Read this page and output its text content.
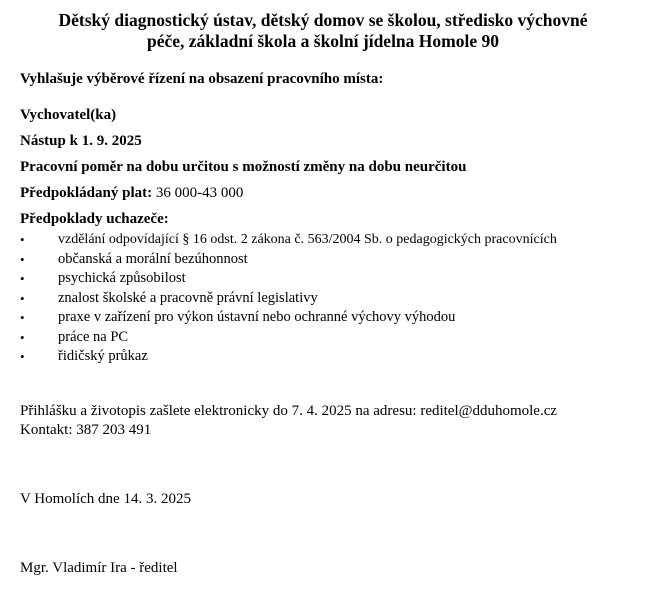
Dětský diagnostický ústav, dětský domov se školou, středisko výchovné
péče, základní škola a školní jídelna Homole 90
Vyhlašuje výběrové řízení na obsazení pracovního místa:
Vychovatel(ka)
Nástup k 1. 9. 2025
Pracovní poměr na dobu určitou s možností změny na dobu neurčitou
Předpokládaný plat: 36 000-43 000
Předpoklady uchazeče:
• vzdělání odpovídající § 16 odst. 2 zákona č. 563/2004 Sb. o pedagogických pracovnících
• občanská a morální bezúhonnost
• psychická způsobilost
• znalost školské a pracovně právní legislativy
• praxe v zařízení pro výkon ústavní nebo ochranné výchovy výhodou
• práce na PC
• řidičský průkaz
Přihlášku a životopis zašlete elektronicky do 7. 4. 2025 na adresu: reditel@dduhomole.cz
Kontakt: 387 203 491
V Homolích dne 14. 3. 2025
Mgr. Vladimír Ira - ředitel
